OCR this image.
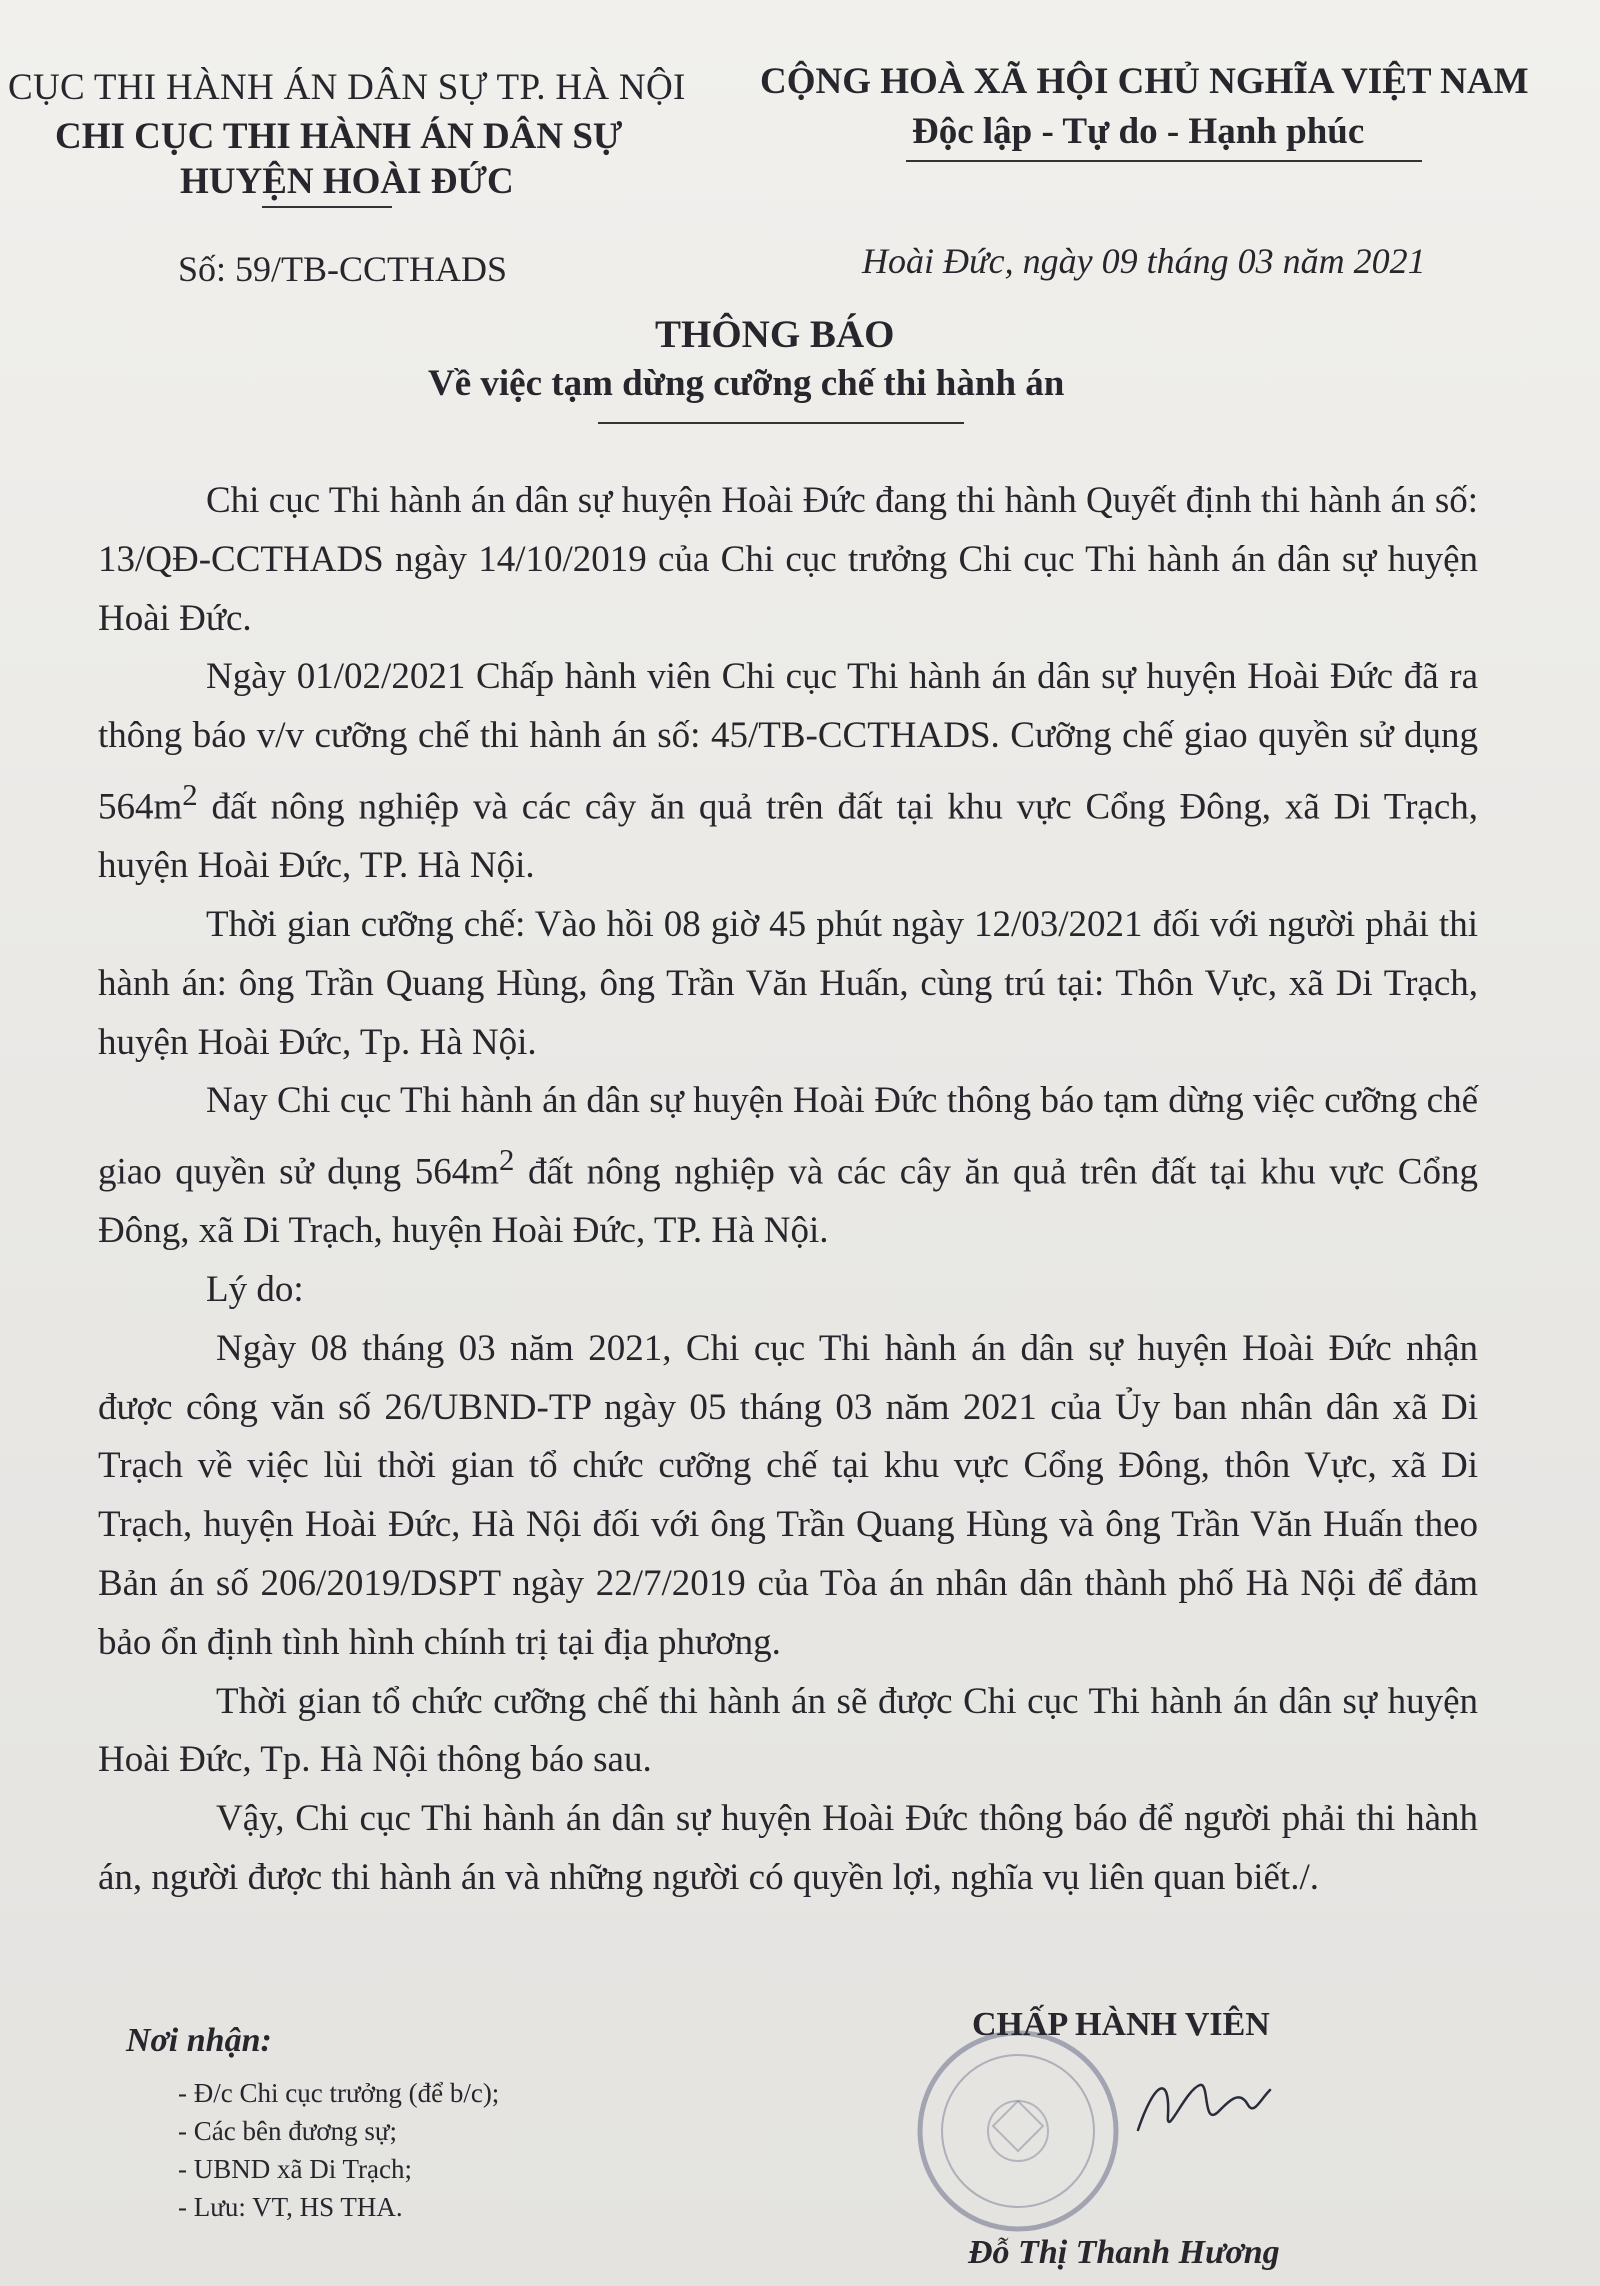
CỤC THI HÀNH ÁN DÂN SỰ TP. HÀ NỘI
CHI CỤC THI HÀNH ÁN DÂN SỰ
HUYỆN HOÀI ĐỨC
CỘNG HOÀ XÃ HỘI CHỦ NGHĨA VIỆT NAM
Độc lập - Tự do - Hạnh phúc
Số: 59/TB-CCTHADS	Hoài Đức, ngày 09 tháng 03 năm 2021
THÔNG BÁO
Về việc tạm dừng cưỡng chế thi hành án

Chi cục Thi hành án dân sự huyện Hoài Đức đang thi hành Quyết định thi hành án số: 13/QĐ-CCTHADS ngày 14/10/2019 của Chi cục trưởng Chi cục Thi hành án dân sự huyện Hoài Đức.

Ngày 01/02/2021 Chấp hành viên Chi cục Thi hành án dân sự huyện Hoài Đức đã ra thông báo v/v cưỡng chế thi hành án số: 45/TB-CCTHADS. Cưỡng chế giao quyền sử dụng $564m^2$ đất nông nghiệp và các cây ăn quả trên đất tại khu vực Cổng Đông, xã Di Trạch, huyện Hoài Đức, TP. Hà Nội.

Thời gian cưỡng chế: Vào hồi 08 giờ 45 phút ngày 12/03/2021 đối với người phải thi hành án: ông Trần Quang Hùng, ông Trần Văn Huấn, cùng trú tại: Thôn Vực, xã Di Trạch, huyện Hoài Đức, Tp. Hà Nội.

Nay Chi cục Thi hành án dân sự huyện Hoài Đức thông báo tạm dừng việc cưỡng chế giao quyền sử dụng $564m^2$ đất nông nghiệp và các cây ăn quả trên đất tại khu vực Cổng Đông, xã Di Trạch, huyện Hoài Đức, TP. Hà Nội.

Lý do:

Ngày 08 tháng 03 năm 2021, Chi cục Thi hành án dân sự huyện Hoài Đức nhận được công văn số 26/UBND-TP ngày 05 tháng 03 năm 2021 của Ủy ban nhân dân xã Di Trạch về việc lùi thời gian tổ chức cưỡng chế tại khu vực Cổng Đông, thôn Vực, xã Di Trạch, huyện Hoài Đức, Hà Nội đối với ông Trần Quang Hùng và ông Trần Văn Huấn theo Bản án số 206/2019/DSPT ngày 22/7/2019 của Tòa án nhân dân thành phố Hà Nội để đảm bảo ổn định tình hình chính trị tại địa phương.

Thời gian tổ chức cưỡng chế thi hành án sẽ được Chi cục Thi hành án dân sự huyện Hoài Đức, Tp. Hà Nội thông báo sau.

Vậy, Chi cục Thi hành án dân sự huyện Hoài Đức thông báo để người phải thi hành án, người được thi hành án và những người có quyền lợi, nghĩa vụ liên quan biết./.

Nơi nhận:
- Đ/c Chi cục trưởng (để b/c);
- Các bên đương sự;
- UBND xã Di Trạch;
- Lưu: VT, HS THA.
CHẤP HÀNH VIÊN
Đỗ Thị Thanh Hương
